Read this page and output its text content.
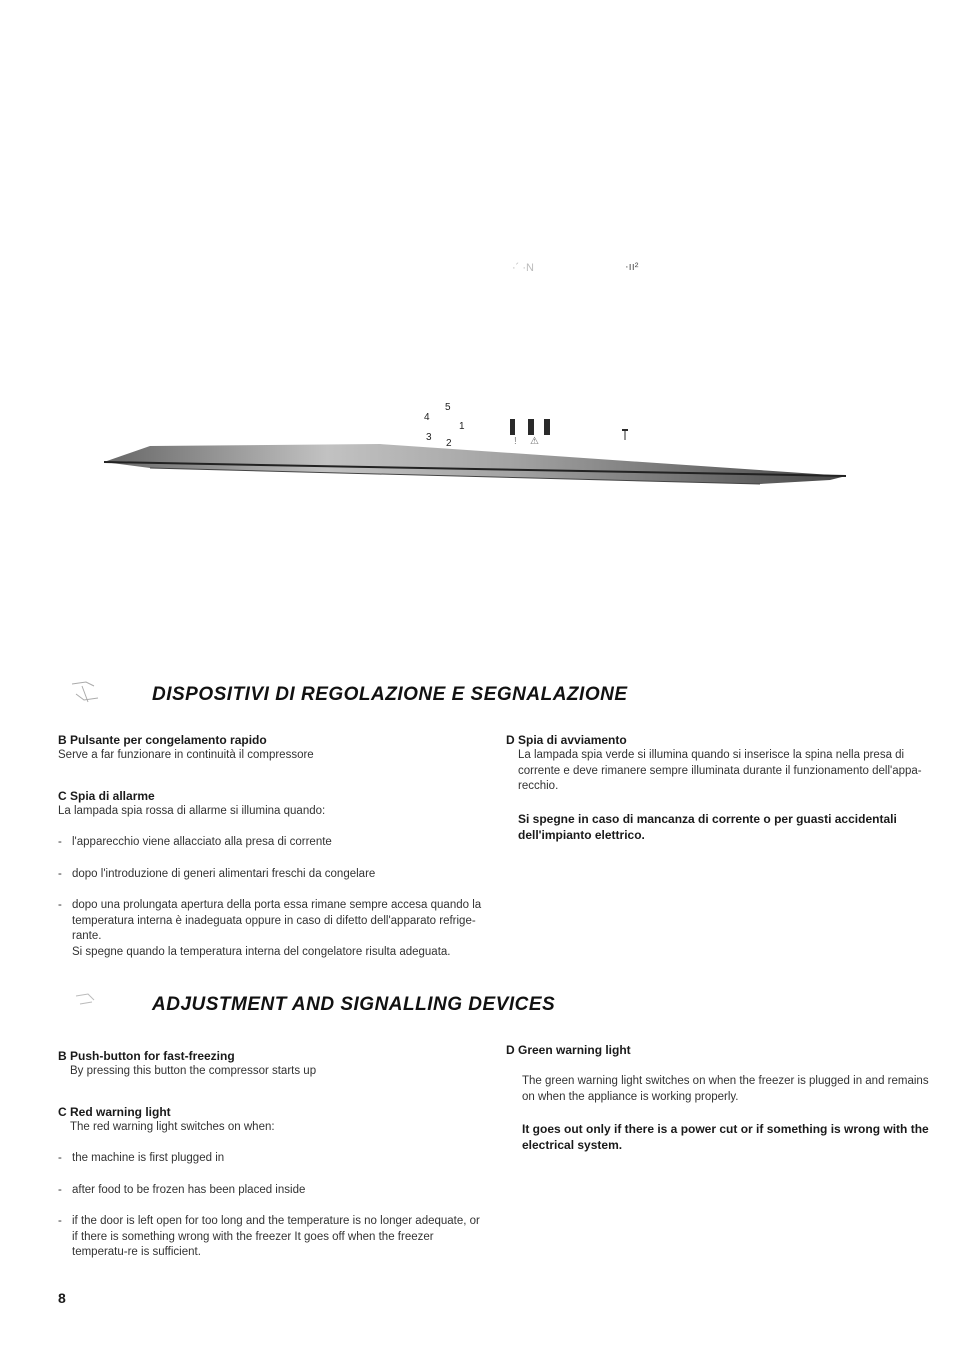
5
4
1
3
2	! ⚠
·´ ·N	·ıı²
DISPOSITIVI DI REGOLAZIONE E SEGNALAZIONE

B Pulsante per congelamento rapido

Serve a far funzionare in continuità il compressore

C Spia di allarme

La lampada spia rossa di allarme si illumina quando:

- l'apparecchio viene allacciato alla presa di corrente

- dopo l'introduzione di generi alimentari freschi da congelare

- dopo una prolungata apertura della porta essa rimane sempre accesa quando la temperatura interna è inadeguata oppure in caso di difetto dell'apparato refrige-rante.

Si spegne quando la temperatura interna del congelatore risulta adeguata.

D Spia di avviamento

La lampada spia verde si illumina quando si inserisce la spina nella presa di corrente e deve rimanere sempre illuminata durante il funzionamento dell'appa-recchio.

Si spegne in caso di mancanza di corrente o per guasti accidentali dell'impianto elettrico.

ADJUSTMENT AND SIGNALLING DEVICES

B Push-button for fast-freezing

By pressing this button the compressor starts up

C Red warning light

The red warning light switches on when:

- the machine is first plugged in

- after food to be frozen has been placed inside

- if the door is left open for too long and the temperature is no longer adequate, or if there is something wrong with the freezer It goes off when the freezer temperatu-re is sufficient.

D Green warning light

The green warning light switches on when the freezer is plugged in and remains on when the appliance is working properly.

It goes out only if there is a power cut or if something is wrong with the electrical system.

8
